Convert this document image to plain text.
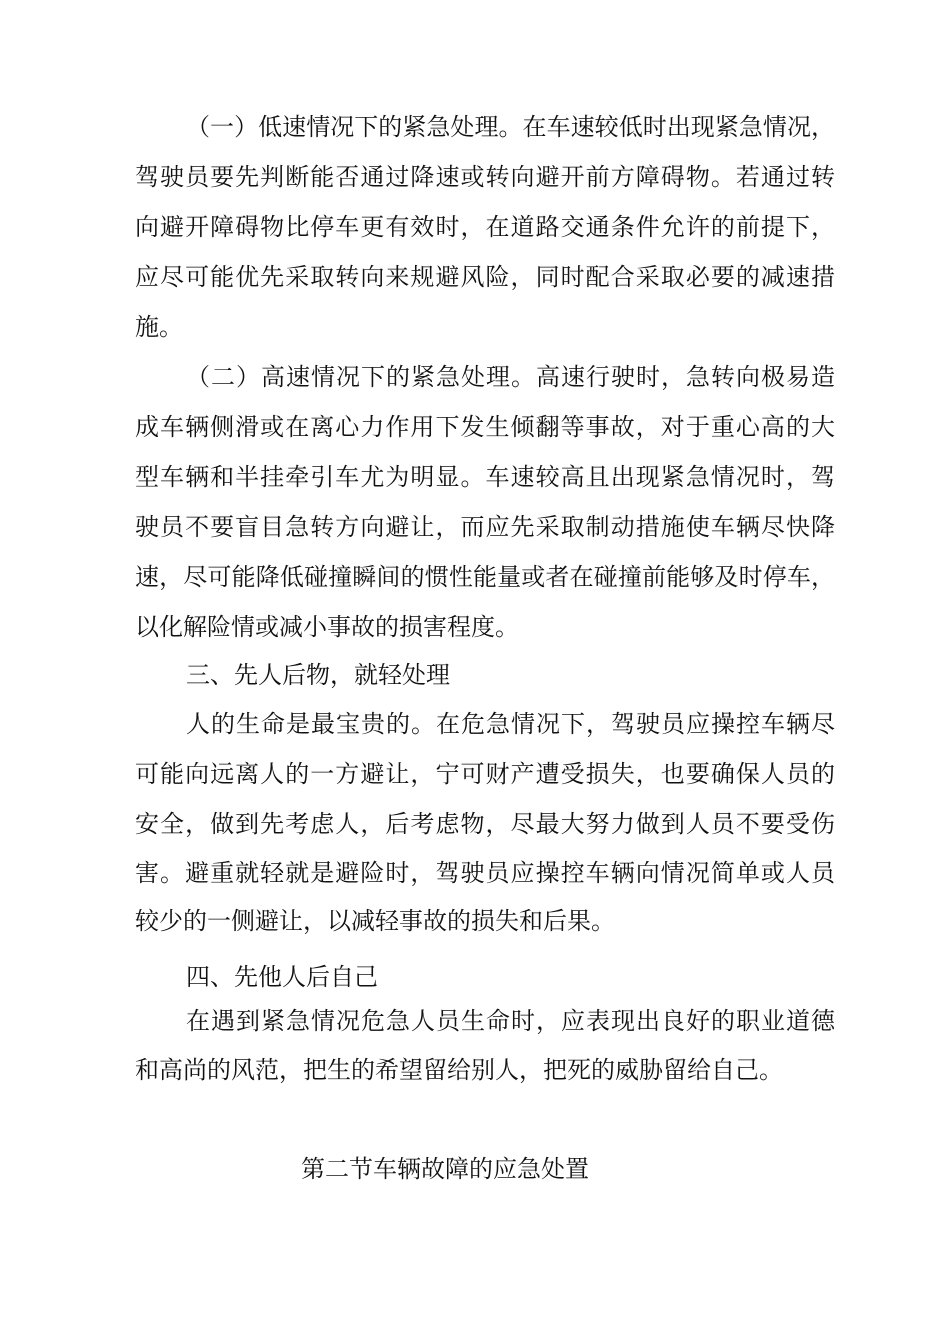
（一）低速情况下的紧急处理。在车速较低时出现紧急情况，
驾驶员要先判断能否通过降速或转向避开前方障碍物。若通过转
向避开障碍物比停车更有效时，在道路交通条件允许的前提下，
应尽可能优先采取转向来规避风险，同时配合采取必要的减速措
施。
（二）高速情况下的紧急处理。高速行驶时，急转向极易造
成车辆侧滑或在离心力作用下发生倾翻等事故，对于重心高的大
型车辆和半挂牵引车尤为明显。车速较高且出现紧急情况时，驾
驶员不要盲目急转方向避让，而应先采取制动措施使车辆尽快降
速，尽可能降低碰撞瞬间的惯性能量或者在碰撞前能够及时停车，
以化解险情或减小事故的损害程度。
三、先人后物，就轻处理
人的生命是最宝贵的。在危急情况下，驾驶员应操控车辆尽
可能向远离人的一方避让，宁可财产遭受损失，也要确保人员的
安全，做到先考虑人，后考虑物，尽最大努力做到人员不要受伤
害。避重就轻就是避险时，驾驶员应操控车辆向情况简单或人员
较少的一侧避让，以减轻事故的损失和后果。
四、先他人后自己
在遇到紧急情况危急人员生命时，应表现出良好的职业道德
和高尚的风范，把生的希望留给别人，把死的威胁留给自己。
第二节车辆故障的应急处置
